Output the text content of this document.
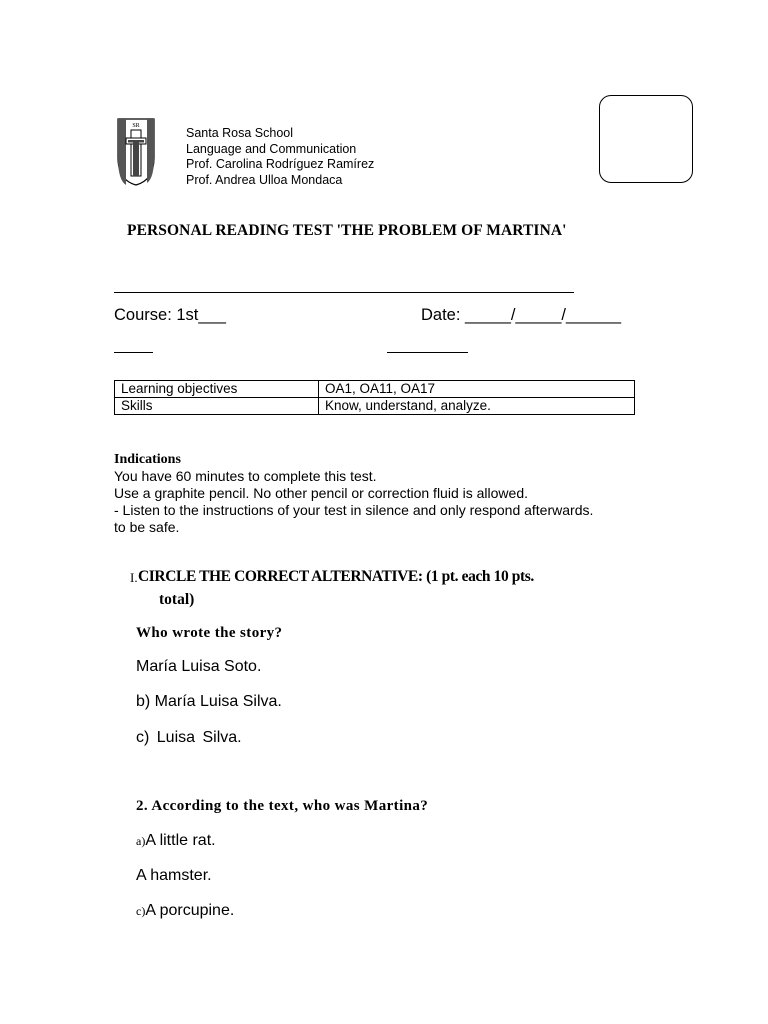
SR	Santa Rosa School
Language and Communication
Prof. Carolina Rodríguez Ramírez
Prof. Andrea Ulloa Mondaca
PERSONAL READING TEST 'THE PROBLEM OF MARTINA'
Course: 1st___	Date: _____/_____/______
Learning objectives	OA1, OA11, OA17
Skills	Know, understand, analyze.
Indications
You have 60 minutes to complete this test.
Use a graphite pencil. No other pencil or correction fluid is allowed.
- Listen to the instructions of your test in silence and only respond afterwards.
to be safe.
I. CIRCLE THE CORRECT ALTERNATIVE: (1 pt. each 10 pts.
total)
Who wrote the story?
María Luisa Soto.
b) María Luisa Silva.
c) Luisa Silva.
2. According to the text, who was Martina?
a)A little rat.
A hamster.
c)A porcupine.
